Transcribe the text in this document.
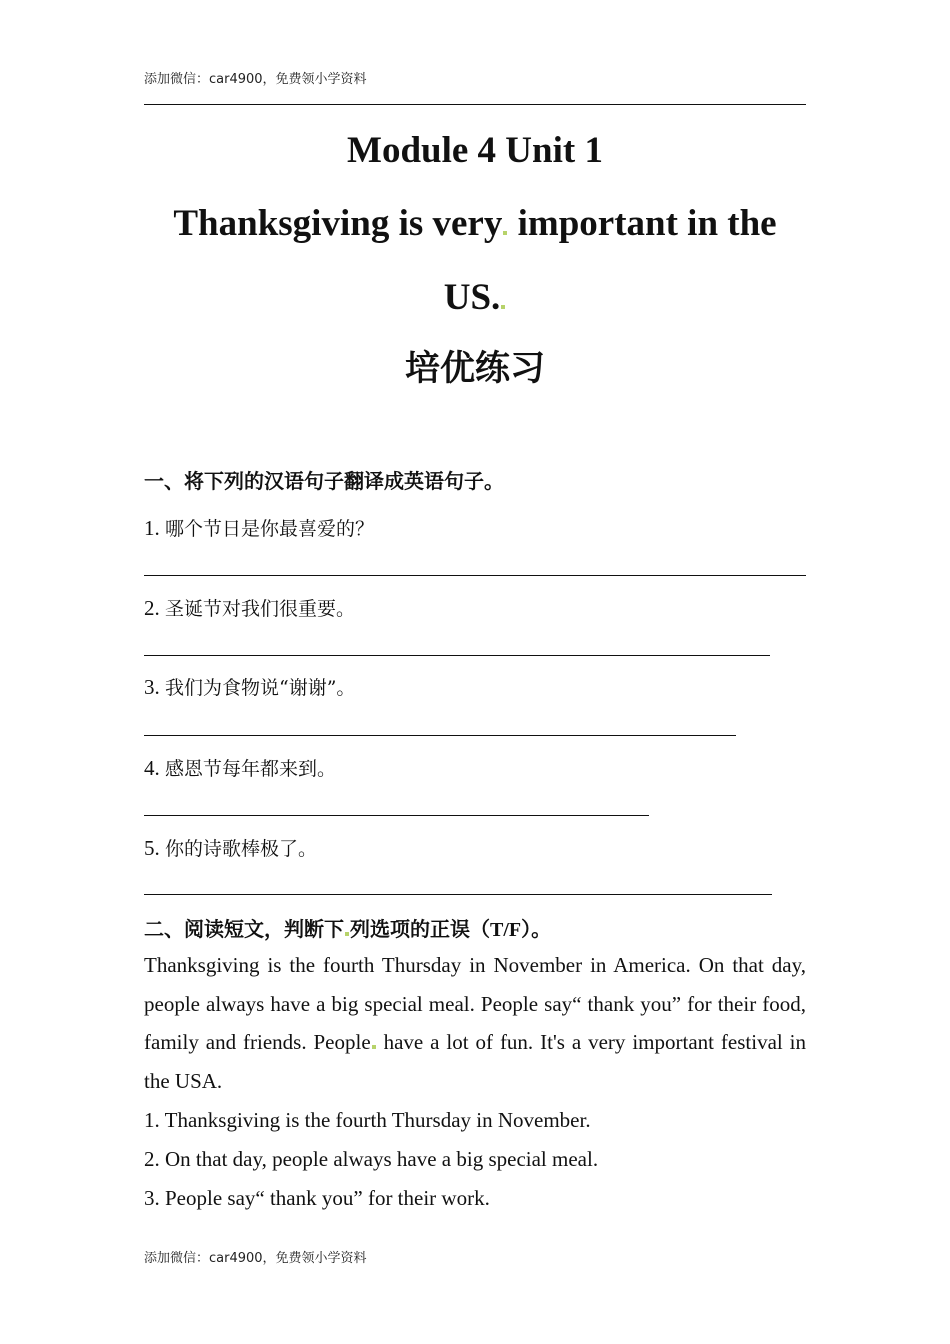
添加微信：car4900，免费领小学资料
Module 4 Unit 1
Thanksgiving is very important in the
US.
培优练习
一、将下列的汉语句子翻译成英语句子。
1. 哪个节日是你最喜爱的？
2. 圣诞节对我们很重要。
3. 我们为食物说“谢谢”。
4. 感恩节每年都来到。
5. 你的诗歌棒极了。
二、阅读短文，判断下 列选项的正误（T/F）。
Thanksgiving is the fourth Thursday in November in America. On that day, people always have a big special meal. People say“ thank you” for their food, family and friends. People have a lot of fun. It's a very important festival in the USA.
1. Thanksgiving is the fourth Thursday in November.
2. On that day, people always have a big special meal.
3. People say“ thank you” for their work.
添加微信：car4900，免费领小学资料
